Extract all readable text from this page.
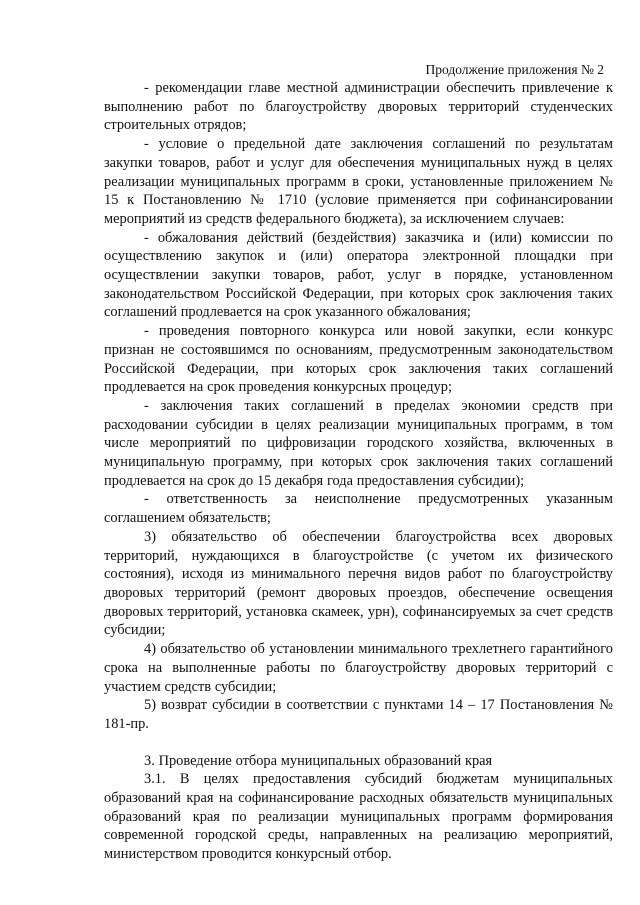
Продолжение приложения № 2

- рекомендации главе местной администрации обеспечить привлечение к выполнению работ по благоустройству дворовых территорий студенческих строительных отрядов;

- условие о предельной дате заключения соглашений по результатам закупки товаров, работ и услуг для обеспечения муниципальных нужд в целях реализации муниципальных программ в сроки, установленные приложением № 15 к Постановлению № 1710 (условие применяется при софинансировании мероприятий из средств федерального бюджета), за исключением случаев:

- обжалования действий (бездействия) заказчика и (или) комиссии по осуществлению закупок и (или) оператора электронной площадки при осуществлении закупки товаров, работ, услуг в порядке, установленном законодательством Российской Федерации, при которых срок заключения таких соглашений продлевается на срок указанного обжалования;

- проведения повторного конкурса или новой закупки, если конкурс признан не состоявшимся по основаниям, предусмотренным законодательством Российской Федерации, при которых срок заключения таких соглашений продлевается на срок проведения конкурсных процедур;

- заключения таких соглашений в пределах экономии средств при расходовании субсидии в целях реализации муниципальных программ, в том числе мероприятий по цифровизации городского хозяйства, включенных в муниципальную программу, при которых срок заключения таких соглашений продлевается на срок до 15 декабря года предоставления субсидии);

- ответственность за неисполнение предусмотренных указанным соглашением обязательств;

3) обязательство об обеспечении благоустройства всех дворовых территорий, нуждающихся в благоустройстве (с учетом их физического состояния), исходя из минимального перечня видов работ по благоустройству дворовых территорий (ремонт дворовых проездов, обеспечение освещения дворовых территорий, установка скамеек, урн), софинансируемых за счет средств субсидии;

4) обязательство об установлении минимального трехлетнего гарантийного срока на выполненные работы по благоустройству дворовых территорий с участием средств субсидии;

5) возврат субсидии в соответствии с пунктами 14 – 17 Постановления № 181-пр.

3. Проведение отбора муниципальных образований края

3.1. В целях предоставления субсидий бюджетам муниципальных образований края на софинансирование расходных обязательств муниципальных образований края по реализации муниципальных программ формирования современной городской среды, направленных на реализацию мероприятий, министерством проводится конкурсный отбор.
